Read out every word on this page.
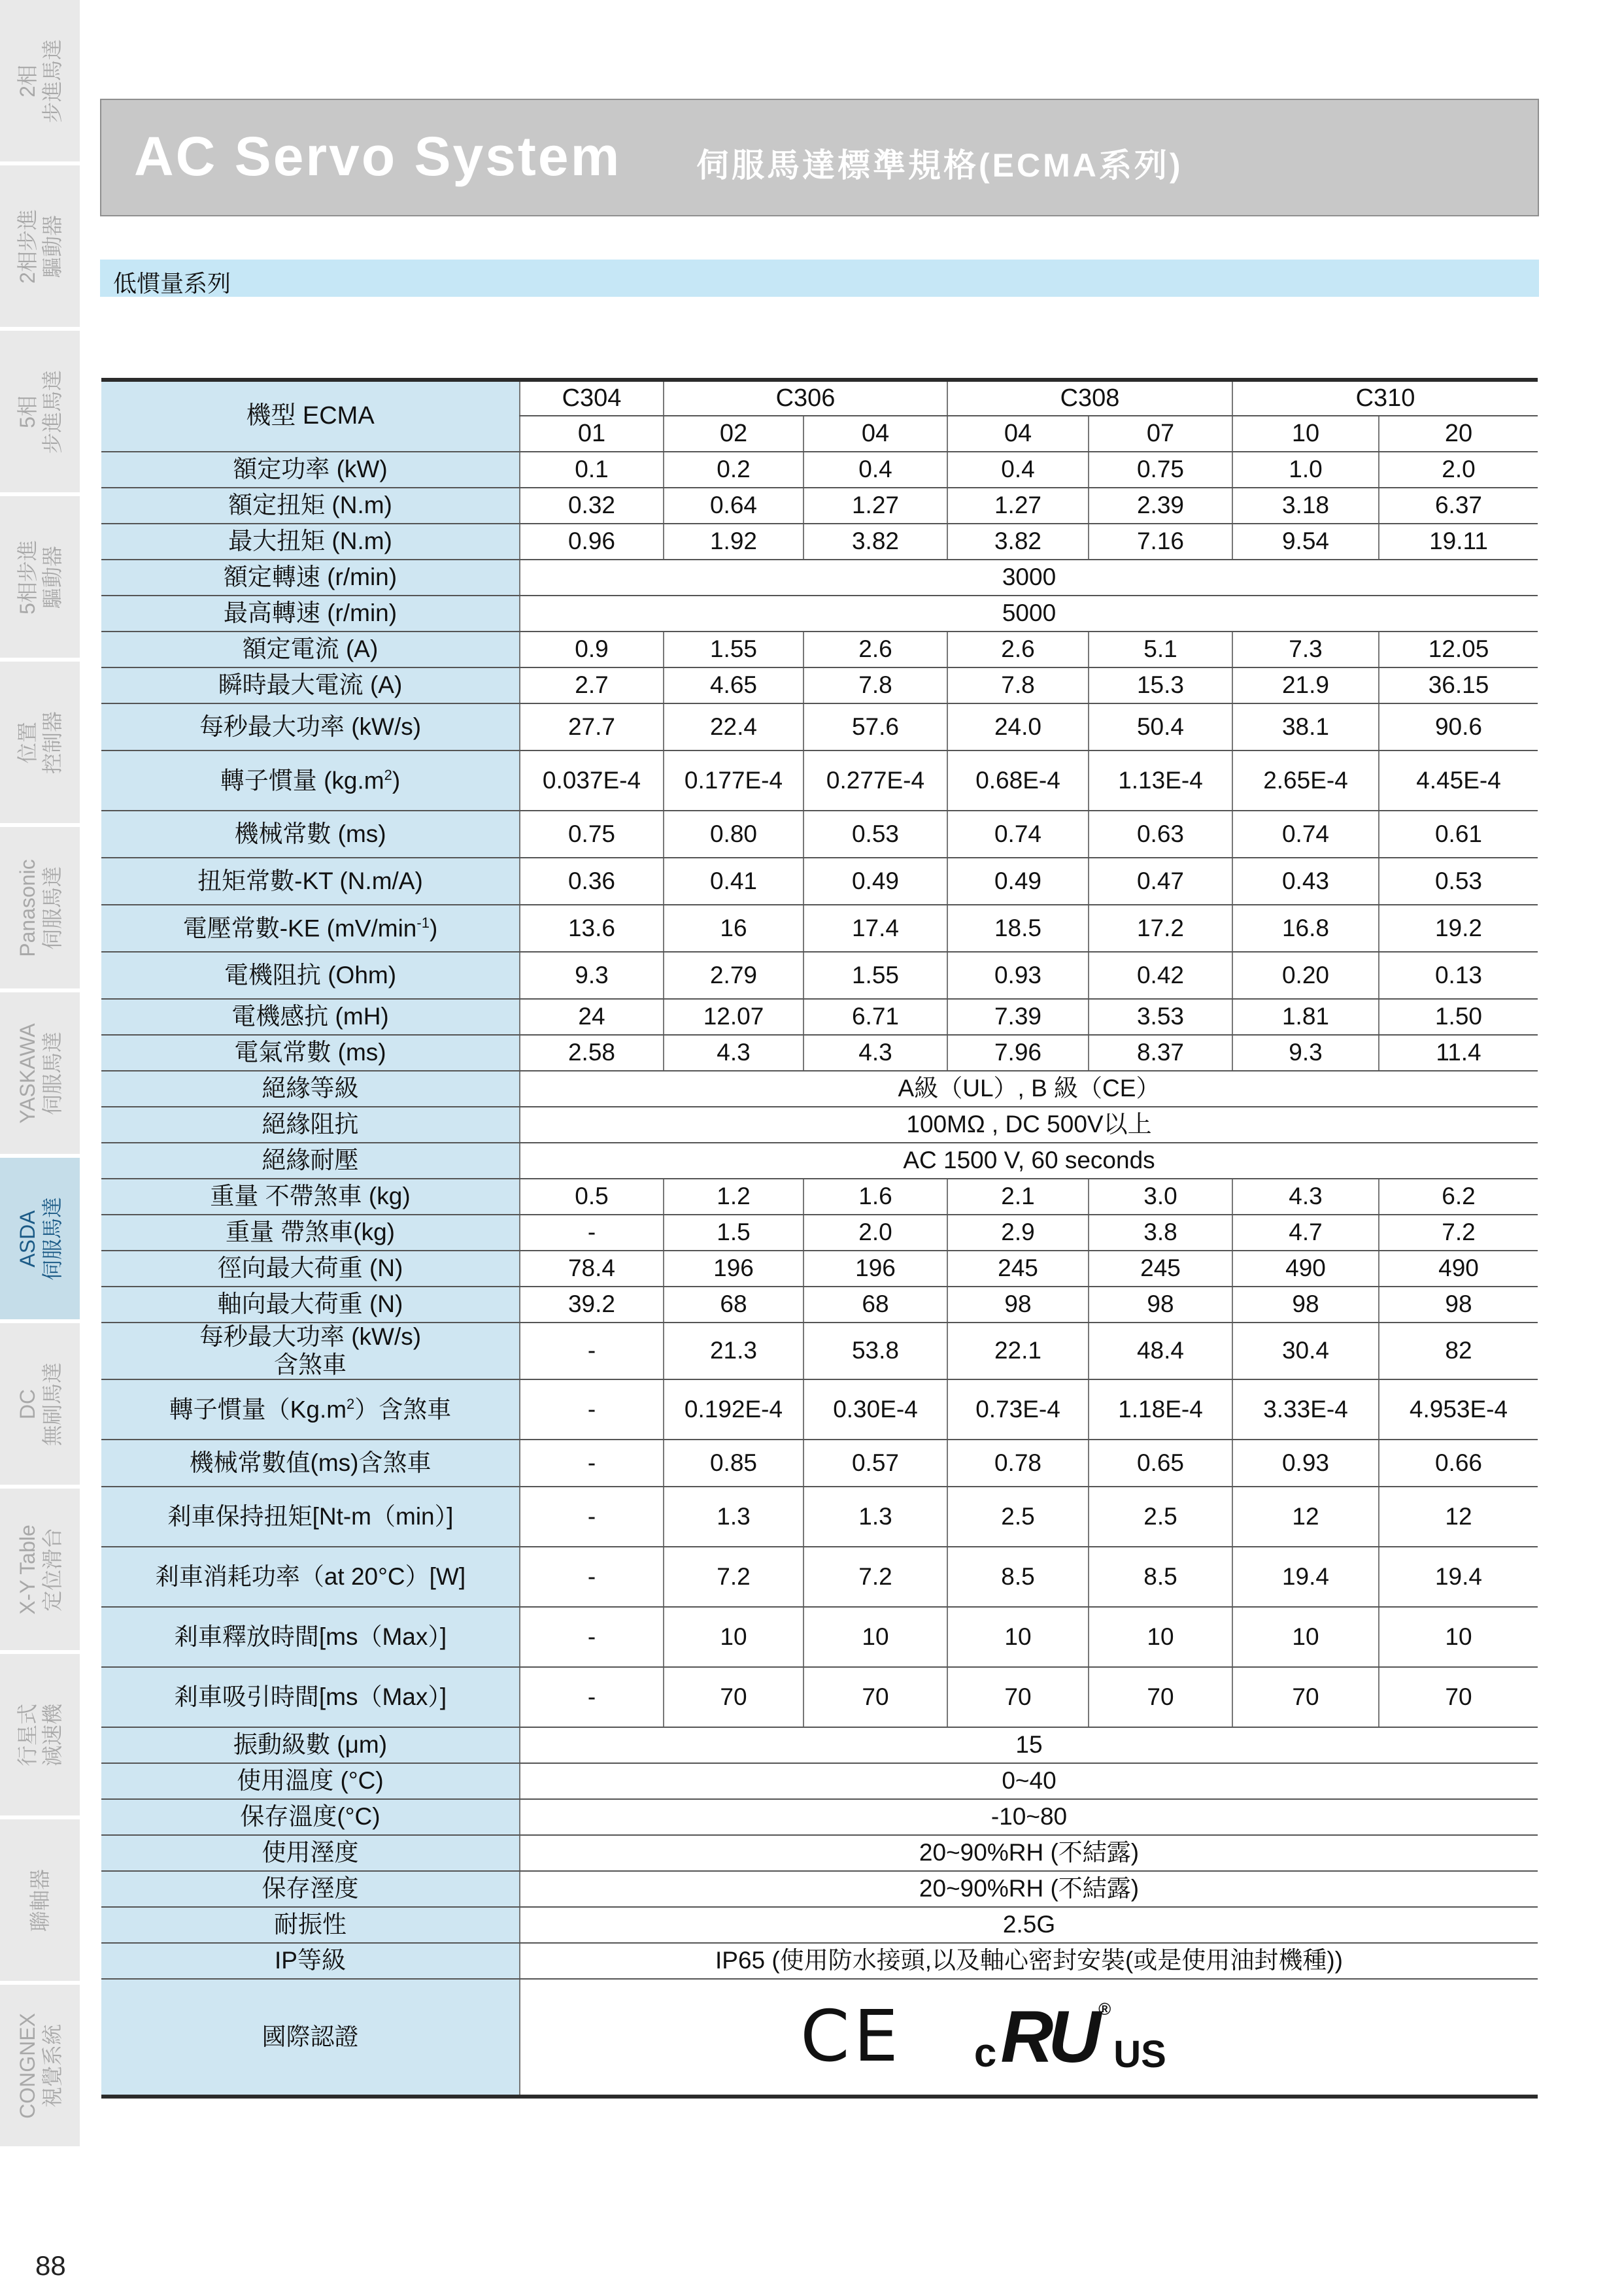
2相 步進馬達
2相步進 驅動器
5相 步進馬達
5相步進 驅動器
位置 控制器
Panasonic 伺服馬達
YASKAWA 伺服馬達
ASDA 伺服馬達
DC 無刷馬達
X-Y Table 定位滑台
行星式 減速機
聯軸器
CONGNEX 視覺系統
88
AC Servo System 伺服馬達標準規格(ECMA系列)
低慣量系列
機型 ECMA	C304	C306		C308		C310	
	01	02	04	04	07	10	20

額定功率 (kW)	0.1	0.2	0.4	0.4	0.75	1.0	2.0

額定扭矩 (N.m)	0.32	0.64	1.27	1.27	2.39	3.18	6.37

最大扭矩 (N.m)	0.96	1.92	3.82	3.82	7.16	9.54	19.11

額定轉速 (r/min)	3000						

最高轉速 (r/min)	5000						

額定電流 (A)	0.9	1.55	2.6	2.6	5.1	7.3	12.05

瞬時最大電流 (A)	2.7	4.65	7.8	7.8	15.3	21.9	36.15

每秒最大功率 (kW/s)	27.7	22.4	57.6	24.0	50.4	38.1	90.6

轉子慣量 $(kg.m^2)$	0.037E-4	0.177E-4	0.277E-4	0.68E-4	1.13E-4	2.65E-4	4.45E-4

機械常數 (ms)	0.75	0.80	0.53	0.74	0.63	0.74	0.61

扭矩常數-KT (N.m/A)	0.36	0.41	0.49	0.49	0.47	0.43	0.53

電壓常數-KE $(mV/\min^{-1})$	13.6	16	17.4	18.5	17.2	16.8	19.2

電機阻抗 (Ohm)	9.3	2.79	1.55	0.93	0.42	0.20	0.13

電機感抗 (mH)	24	12.07	6.71	7.39	3.53	1.81	1.50

電氣常數 (ms)	2.58	4.3	4.3	7.96	8.37	9.3	11.4

絕緣等級	A級（UL）, B 級（CE）						

絕緣阻抗	100MΩ , DC 500V以上						

絕緣耐壓	AC 1500 V, 60 seconds						

重量 不帶煞車 (kg)	0.5	1.2	1.6	2.1	3.0	4.3	6.2

重量 帶煞車(kg)	-	1.5	2.0	2.9	3.8	4.7	7.2

徑向最大荷重 (N)	78.4	196	196	245	245	490	490

軸向最大荷重 (N)	39.2	68	68	98	98	98	98

每秒最大功率 (kW/s)
含煞車	-	21.3	53.8	22.1	48.4	30.4	82

轉子慣量$(Kg.m^2)$含煞車	-	0.192E-4	0.30E-4	0.73E-4	1.18E-4	3.33E-4	4.953E-4

機械常數值(ms)含煞車	-	0.85	0.57	0.78	0.65	0.93	0.66

剎車保持扭矩[Nt-m（min）]	-	1.3	1.3	2.5	2.5	12	12

剎車消耗功率（at 20°C）[W]	-	7.2	7.2	8.5	8.5	19.4	19.4

剎車釋放時間[ms（Max）]	-	10	10	10	10	10	10

剎車吸引時間[ms（Max）]	-	70	70	70	70	70	70

振動級數 (μm)	15						

使用溫度 (°C)	0~40						

保存溫度(°C)	-10~80						

使用溼度	20~90%RH (不結露)						

保存溼度	20~90%RH (不結露)						

耐振性	2.5G						

IP等級	IP65 (使用防水接頭,以及軸心密封安裝(或是使用油封機種))						

國際認證	CE c RU ®
US						
